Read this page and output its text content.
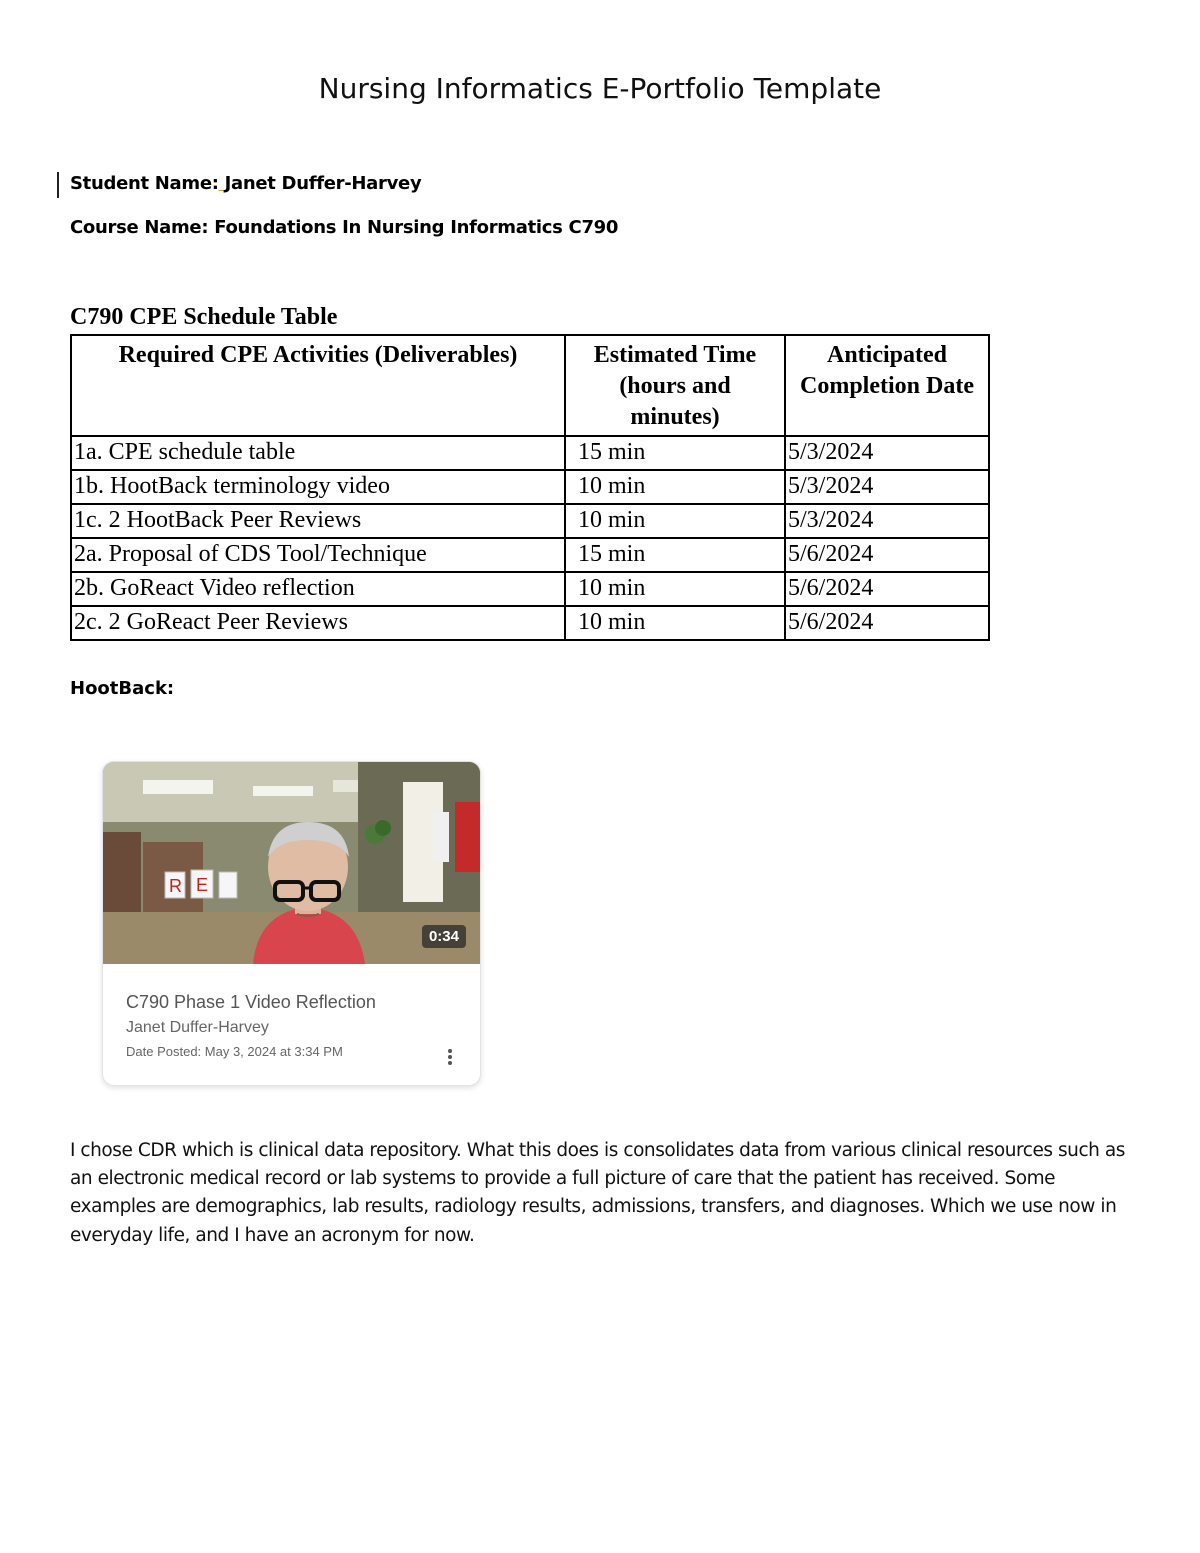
Nursing Informatics E-Portfolio Template
Student Name: Janet Duffer-Harvey
Course Name: Foundations In Nursing Informatics C790
C790 CPE Schedule Table
Required CPE Activities (Deliverables)	Estimated Time (hours and minutes)	Anticipated Completion Date
1a. CPE schedule table	15 min	5/3/2024
1b. HootBack terminology video	10 min	5/3/2024
1c. 2 HootBack Peer Reviews	10 min	5/3/2024
2a. Proposal of CDS Tool/Technique	15 min	5/6/2024
2b. GoReact Video reflection	10 min	5/6/2024
2c. 2 GoReact Peer Reviews	10 min	5/6/2024
HootBack:
R E
0:34
C790 Phase 1 Video Reflection
Janet Duffer-Harvey
Date Posted: May 3, 2024 at 3:34 PM
I chose CDR which is clinical data repository. What this does is consolidates data from various clinical resources such as an electronic medical record or lab systems to provide a full picture of care that the patient has received. Some examples are demographics, lab results, radiology results, admissions, transfers, and diagnoses. Which we use now in everyday life, and I have an acronym for now.
